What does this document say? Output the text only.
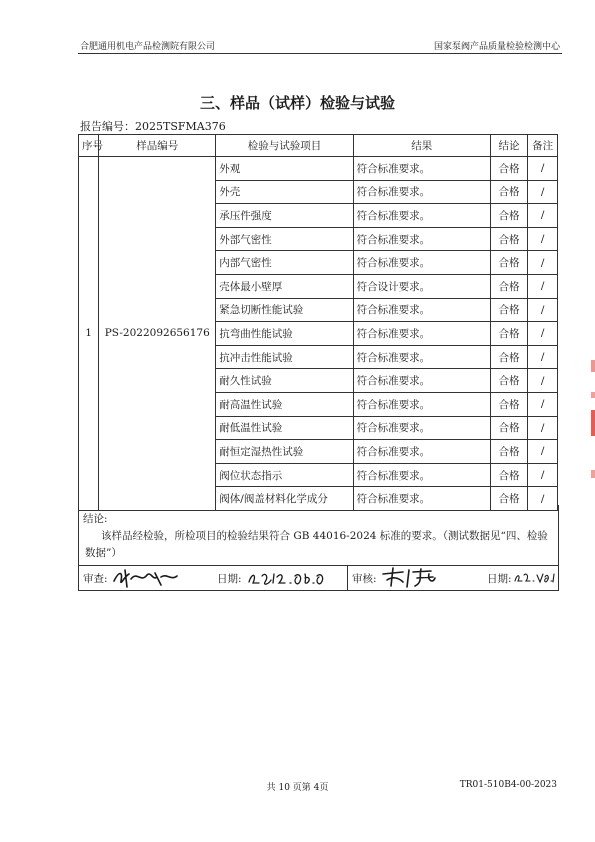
合肥通用机电产品检测院有限公司	国家泵阀产品质量检验检测中心
三、样品（试样）检验与试验
报告编号：2025TSFMA376
序号	样品编号	检验与试验项目	结果	结论	备注
1	PS-2022092656176	外观	符合标准要求。	合格	/
		外壳	符合标准要求。	合格	/
		承压件强度	符合标准要求。	合格	/
		外部气密性	符合标准要求。	合格	/
		内部气密性	符合标准要求。	合格	/
		壳体最小壁厚	符合设计要求。	合格	/
		紧急切断性能试验	符合标准要求。	合格	/
		抗弯曲性能试验	符合标准要求。	合格	/
		抗冲击性能试验	符合标准要求。	合格	/
		耐久性试验	符合标准要求。	合格	/
		耐高温性试验	符合标准要求。	合格	/
		耐低温性试验	符合标准要求。	合格	/
		耐恒定湿热性试验	符合标准要求。	合格	/
		阀位状态指示	符合标准要求。	合格	/
		阀体/阀盖材料化学成分	符合标准要求。	合格	/
结论:
该样品经检验，所检项目的检验结果符合 GB 44016-2024 标准的要求。（测试数据见“四、检验数据”）
审查:	日期:	审核:	日期:
共 10 页第 4页	TR01-510B4-00-2023
